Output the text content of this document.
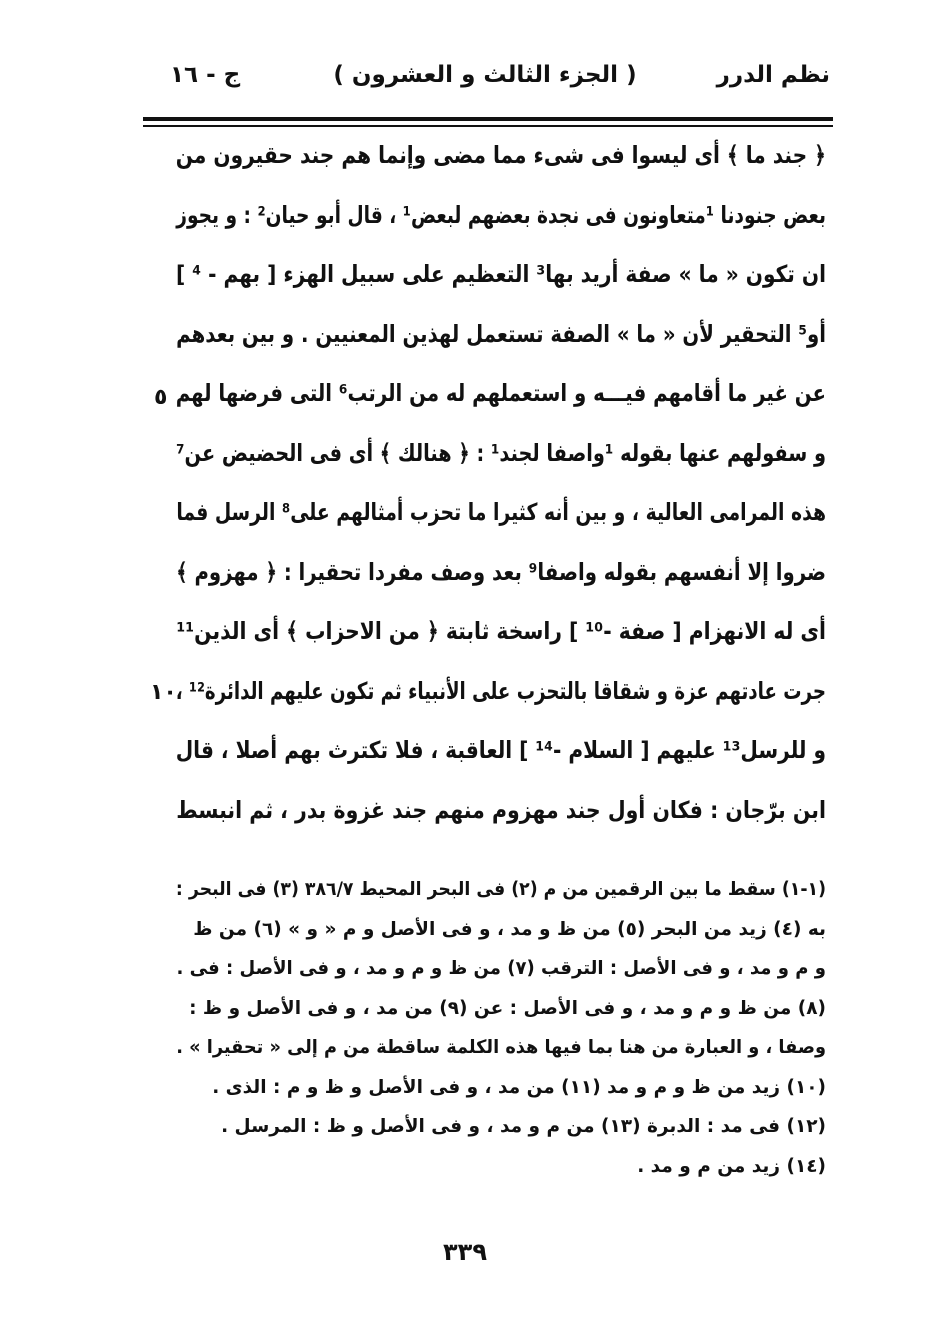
نظم الدرر
( الجزء الثالث و العشرون )
ج - ١٦
﴿ جند ما ﴾ أى ليسوا فى شىء مما مضى وإنما هم جند حقيرون من
بعض جنودنا ¹متعاونون فى نجدة بعضهم لبعض¹ ، قال أبو حيان² : و يجوز
ان تكون « ما » صفة أريد بها³ التعظيم على سبيل الهزء [ بهم - ⁴ ]
أو⁵ التحقير لأن « ما » الصفة تستعمل لهذين المعنيين . و بين بعدهم
عن غير ما أقامهم فيـــه و استعملهم له من الرتب⁶ التى فرضها لهم
و سفولهم عنها بقوله ¹واصفا لجند¹ : ﴿ هنالك ﴾ أى فى الحضيض عن⁷
هذه المرامى العالية ، و بين أنه كثيرا ما تحزب أمثالهم على⁸ الرسل فما
ضروا إلا أنفسهم بقوله واصفا⁹ بعد وصف مفردا تحقيرا : ﴿ مهزوم ﴾
أى له الانهزام [ صفة -¹⁰ ] راسخة ثابتة ﴿ من الاحزاب ﴾ أى الذين¹¹
جرت عادتهم عزة و شقاقا بالتحزب على الأنبياء ثم تكون عليهم الدائرة¹² ،
و للرسل¹³ عليهم [ السلام -¹⁴ ] العاقبة ، فلا تكترث بهم أصلا ، قال
ابن برّجان : فكان أول جند مهزوم منهم جند غزوة بدر ، ثم انبسط
٥
١٠
(١-١) سقط ما بين الرقمين من م (٢) فى البحر المحيط ٣٨٦/٧ (٣) فى البحر :
به (٤) زيد من البحر (٥) من ظ و مد ، و فى الأصل و م « و » (٦) من ظ
و م و مد ، و فى الأصل : الترقب (٧) من ظ و م و مد ، و فى الأصل : فى .
(٨) من ظ و م و مد ، و فى الأصل : عن (٩) من مد ، و فى الأصل و ظ :
وصفا ، و العبارة من هنا بما فيها هذه الكلمة ساقطة من م إلى « تحقيرا » .
(١٠) زيد من ظ و م و مد (١١) من مد ، و فى الأصل و ظ و م : الذى .
(١٢) فى مد : الدبرة (١٣) من م و مد ، و فى الأصل و ظ : المرسل .
(١٤) زيد من م و مد .
٣٣٩
